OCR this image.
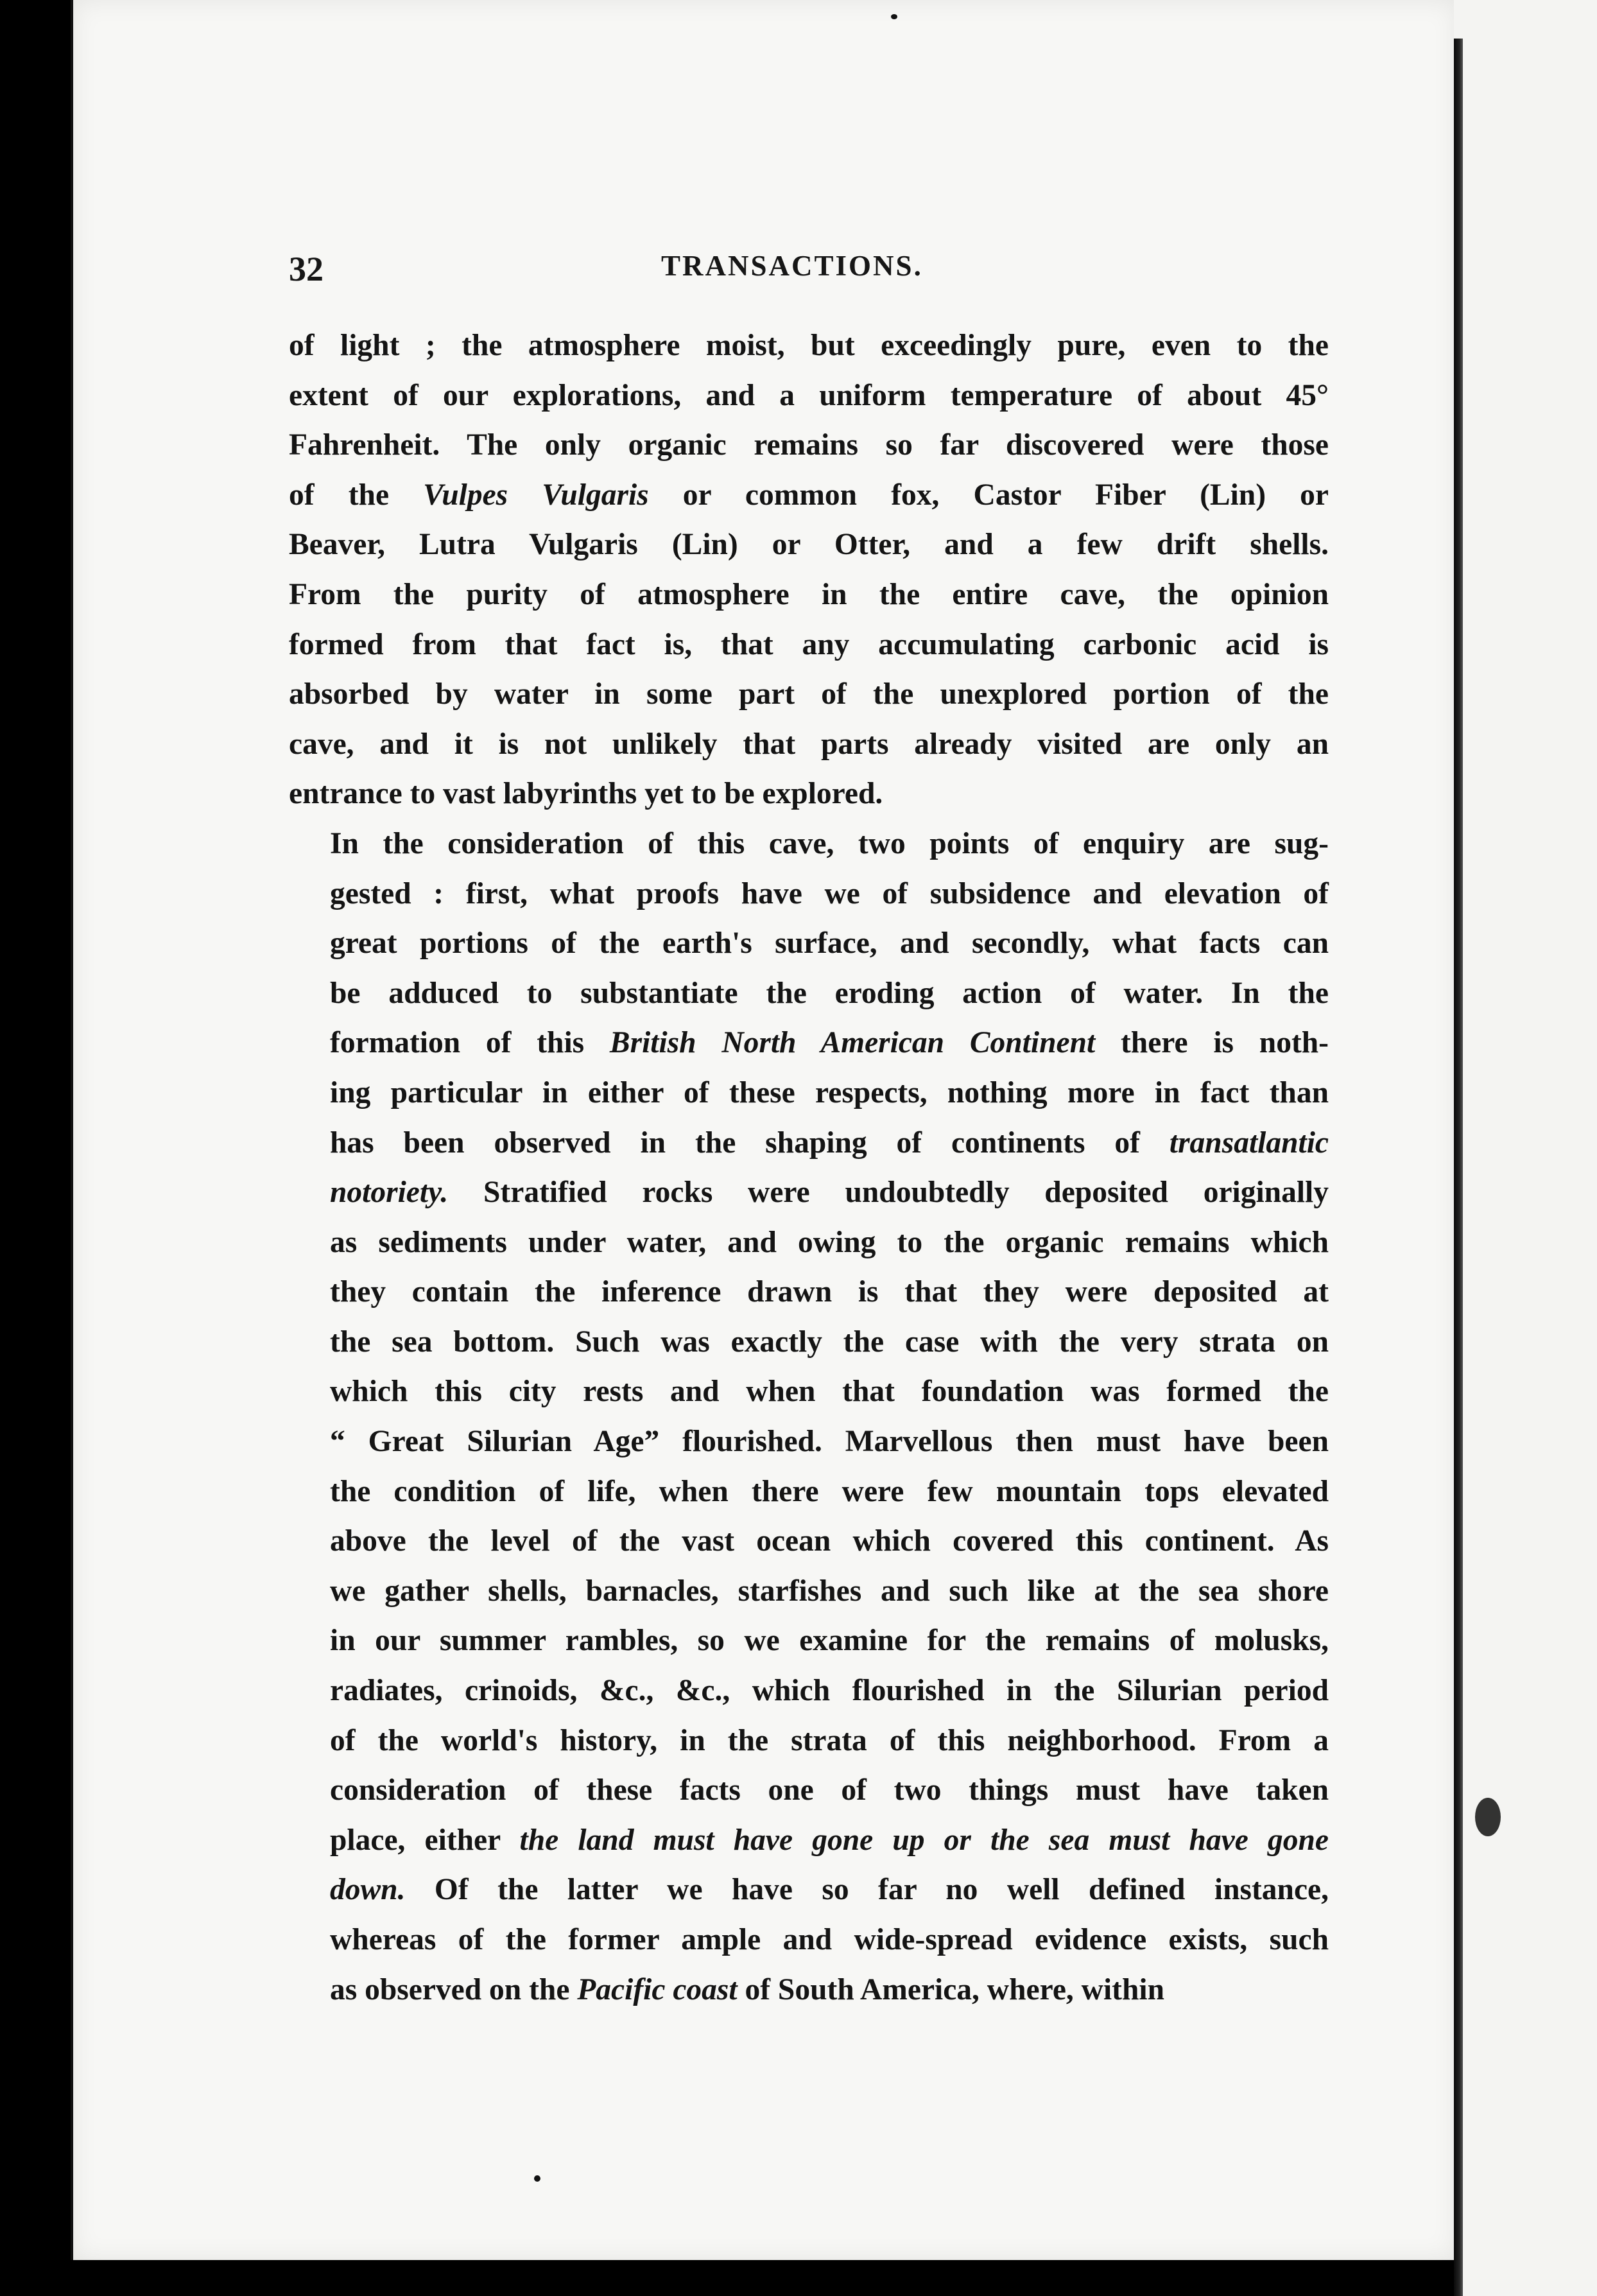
32	TRANSACTIONS.

of light ; the atmosphere moist, but exceedingly pure, even to the
extent of our explorations, and a uniform temperature of about 45°
Fahrenheit. The only organic remains so far discovered were those
of the Vulpes Vulgaris or common fox, Castor Fiber (Lin) or
Beaver, Lutra Vulgaris (Lin) or Otter, and a few drift shells.
From the purity of atmosphere in the entire cave, the opinion
formed from that fact is, that any accumulating carbonic acid is
absorbed by water in some part of the unexplored portion of the
cave, and it is not unlikely that parts already visited are only an
entrance to vast labyrinths yet to be explored.

In the consideration of this cave, two points of enquiry are sug-
gested : first, what proofs have we of subsidence and elevation of
great portions of the earth's surface, and secondly, what facts can
be adduced to substantiate the eroding action of water. In the
formation of this British North American Continent there is noth-
ing particular in either of these respects, nothing more in fact than
has been observed in the shaping of continents of transatlantic
notoriety. Stratified rocks were undoubtedly deposited originally
as sediments under water, and owing to the organic remains which
they contain the inference drawn is that they were deposited at
the sea bottom. Such was exactly the case with the very strata on
which this city rests and when that foundation was formed the
“ Great Silurian Age” flourished. Marvellous then must have been
the condition of life, when there were few mountain tops elevated
above the level of the vast ocean which covered this continent. As
we gather shells, barnacles, starfishes and such like at the sea shore
in our summer rambles, so we examine for the remains of molusks,
radiates, crinoids, &c., &c., which flourished in the Silurian period
of the world's history, in the strata of this neighborhood. From a
consideration of these facts one of two things must have taken
place, either the land must have gone up or the sea must have gone
down. Of the latter we have so far no well defined instance,
whereas of the former ample and wide-spread evidence exists, such
as observed on the Pacific coast of South America, where, within
